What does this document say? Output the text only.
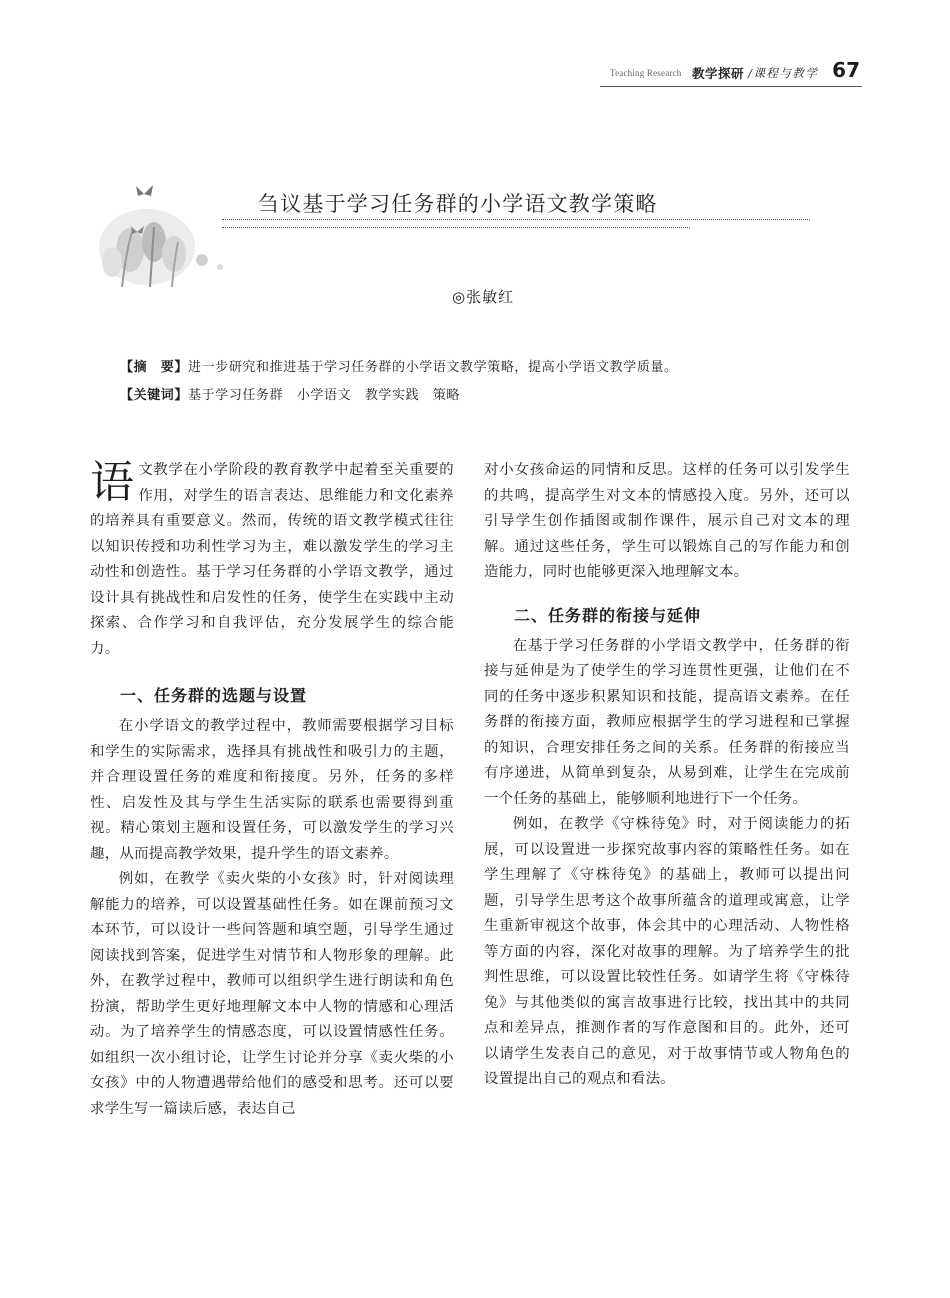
Teaching Research 教学探研 /课程与教学 67
刍议基于学习任务群的小学语文教学策略
◎张敏红
【摘　要】进一步研究和推进基于学习任务群的小学语文教学策略，提高小学语文教学质量。
【关键词】基于学习任务群　小学语文　教学实践　策略

语文教学在小学阶段的教育教学中起着至关重要的作用，对学生的语言表达、思维能力和文化素养的培养具有重要意义。然而，传统的语文教学模式往往以知识传授和功利性学习为主，难以激发学生的学习主动性和创造性。基于学习任务群的小学语文教学，通过设计具有挑战性和启发性的任务，使学生在实践中主动探索、合作学习和自我评估，充分发展学生的综合能力。

一、任务群的选题与设置

在小学语文的教学过程中，教师需要根据学习目标和学生的实际需求，选择具有挑战性和吸引力的主题，并合理设置任务的难度和衔接度。另外，任务的多样性、启发性及其与学生生活实际的联系也需要得到重视。精心策划主题和设置任务，可以激发学生的学习兴趣，从而提高教学效果，提升学生的语文素养。

例如，在教学《卖火柴的小女孩》时，针对阅读理解能力的培养，可以设置基础性任务。如在课前预习文本环节，可以设计一些问答题和填空题，引导学生通过阅读找到答案，促进学生对情节和人物形象的理解。此外，在教学过程中，教师可以组织学生进行朗读和角色扮演，帮助学生更好地理解文本中人物的情感和心理活动。为了培养学生的情感态度，可以设置情感性任务。如组织一次小组讨论，让学生讨论并分享《卖火柴的小女孩》中的人物遭遇带给他们的感受和思考。还可以要求学生写一篇读后感，表达自己

对小女孩命运的同情和反思。这样的任务可以引发学生的共鸣，提高学生对文本的情感投入度。另外，还可以引导学生创作插图或制作课件，展示自己对文本的理解。通过这些任务，学生可以锻炼自己的写作能力和创造能力，同时也能够更深入地理解文本。

二、任务群的衔接与延伸

在基于学习任务群的小学语文教学中，任务群的衔接与延伸是为了使学生的学习连贯性更强，让他们在不同的任务中逐步积累知识和技能，提高语文素养。在任务群的衔接方面，教师应根据学生的学习进程和已掌握的知识，合理安排任务之间的关系。任务群的衔接应当有序递进，从简单到复杂，从易到难，让学生在完成前一个任务的基础上，能够顺利地进行下一个任务。

例如，在教学《守株待兔》时，对于阅读能力的拓展，可以设置进一步探究故事内容的策略性任务。如在学生理解了《守株待兔》的基础上，教师可以提出问题，引导学生思考这个故事所蕴含的道理或寓意，让学生重新审视这个故事，体会其中的心理活动、人物性格等方面的内容，深化对故事的理解。为了培养学生的批判性思维，可以设置比较性任务。如请学生将《守株待兔》与其他类似的寓言故事进行比较，找出其中的共同点和差异点，推测作者的写作意图和目的。此外，还可以请学生发表自己的意见，对于故事情节或人物角色的设置提出自己的观点和看法。
